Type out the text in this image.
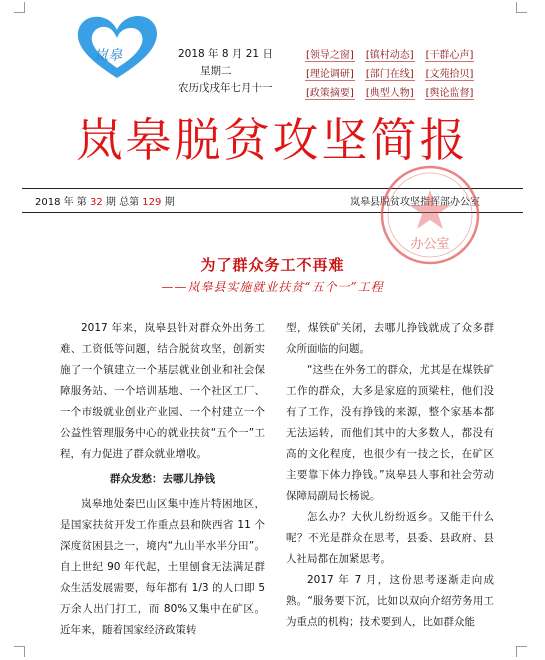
岚皋	2018 年 8 月 21 日
星期二
农历戊戌年七月十一
[领导之窗] [镇村动态] [干群心声]
[理论调研] [部门在线] [文苑拾贝]
[政策摘要] [典型人物] [舆论监督]
岚皋脱贫攻坚简报
2018 年 第 32 期 总第 129 期	岚皋县脱贫攻坚指挥部办公室
办公室
为了群众务工不再难
——岚皋县实施就业扶贫“五个一”工程

2017 年来，岚皋县针对群众外出务工难、工资低等问题，结合脱贫攻坚，创新实施了一个镇建立一个基层就业创业和社会保障服务站、一个培训基地、一个社区工厂、一个市级就业创业产业园、一个村建立一个公益性管理服务中心的就业扶贫“五个一”工程，有力促进了群众就业增收。

群众发愁：去哪儿挣钱

岚皋地处秦巴山区集中连片特困地区，是国家扶贫开发工作重点县和陕西省 11 个深度贫困县之一，境内“九山半水半分田”。自上世纪 90 年代起，土里刨食无法满足群众生活发展需要，每年都有 1/3 的人口即 5 万余人出门打工，而 80%又集中在矿区。近年来，随着国家经济政策转

型，煤铁矿关闭，去哪儿挣钱就成了众多群众所面临的问题。

“这些在外务工的群众，尤其是在煤铁矿工作的群众，大多是家庭的顶梁柱，他们没有了工作，没有挣钱的来源，整个家基本都无法运转，而他们其中的大多数人，都没有高的文化程度，也很少有一技之长，在矿区主要靠下体力挣钱。”岚皋县人事和社会劳动保障局副局长杨说。

怎么办？大伙儿纷纷返乡。又能干什么呢？不光是群众在思考，县委、县政府、县人社局都在加紧思考。

2017 年 7 月，这份思考逐渐走向成熟。“服务要下沉，比如以双向介绍劳务用工为重点的机构；技术要到人，比如群众能
